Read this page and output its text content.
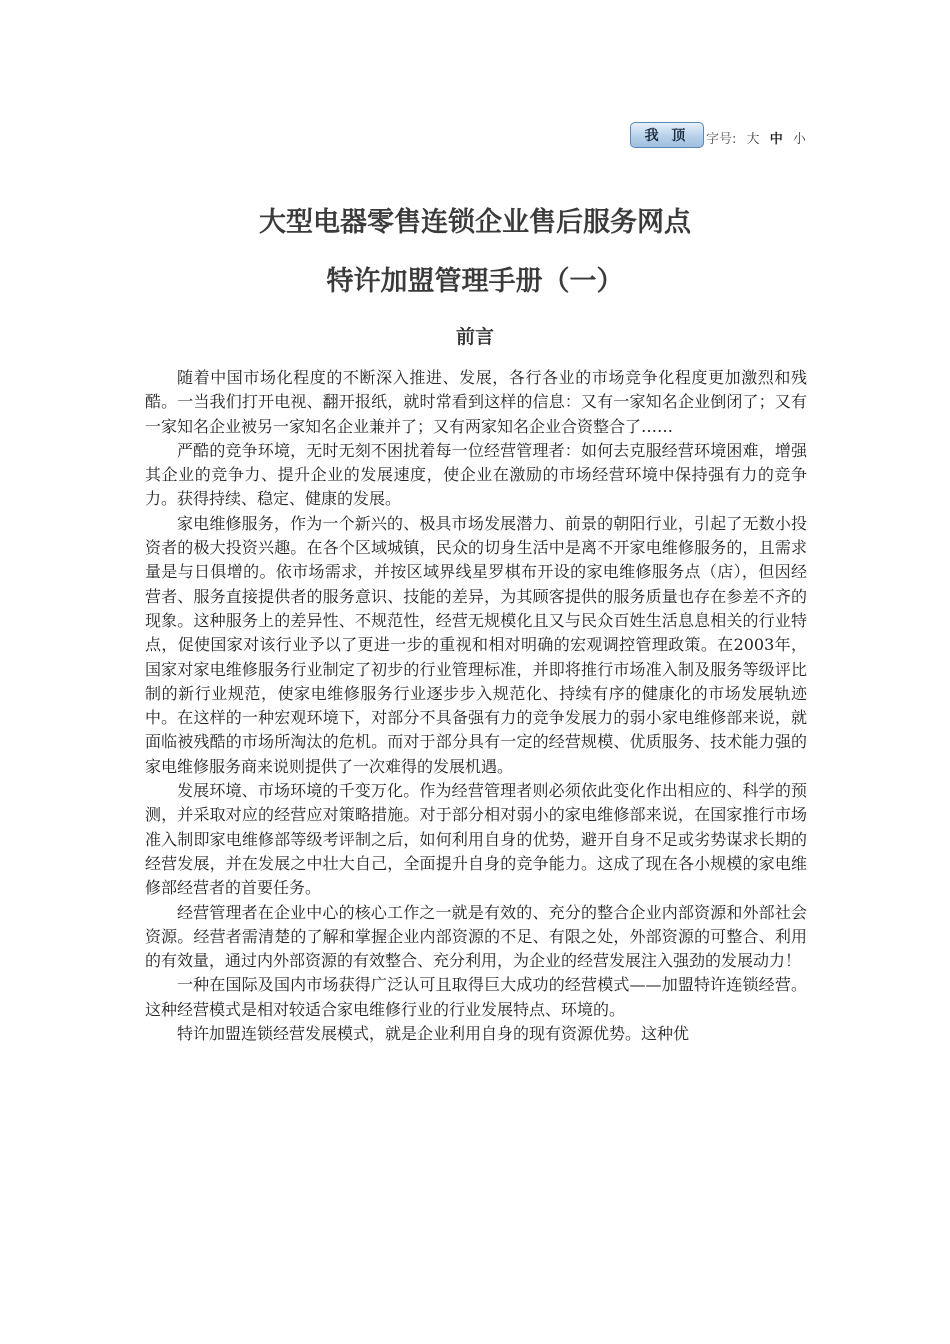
我 顶	字号: 大 中 小
大型电器零售连锁企业售后服务网点
特许加盟管理手册（一）
前言

随着中国市场化程度的不断深入推进、发展，各行各业的市场竞争化程度更加激烈和残酷。一当我们打开电视、翻开报纸，就时常看到这样的信息：又有一家知名企业倒闭了；又有一家知名企业被另一家知名企业兼并了；又有两家知名企业合资整合了……

严酷的竞争环境，无时无刻不困扰着每一位经营管理者：如何去克服经营环境困难，增强其企业的竞争力、提升企业的发展速度，使企业在激励的市场经营环境中保持强有力的竞争力。获得持续、稳定、健康的发展。

家电维修服务，作为一个新兴的、极具市场发展潜力、前景的朝阳行业，引起了无数小投资者的极大投资兴趣。在各个区域城镇，民众的切身生活中是离不开家电维修服务的，且需求量是与日俱增的。依市场需求，并按区域界线星罗棋布开设的家电维修服务点（店），但因经营者、服务直接提供者的服务意识、技能的差异，为其顾客提供的服务质量也存在参差不齐的现象。这种服务上的差异性、不规范性，经营无规模化且又与民众百姓生活息息相关的行业特点，促使国家对该行业予以了更进一步的重视和相对明确的宏观调控管理政策。在2003年，国家对家电维修服务行业制定了初步的行业管理标准，并即将推行市场准入制及服务等级评比制的新行业规范，使家电维修服务行业逐步步入规范化、持续有序的健康化的市场发展轨迹中。在这样的一种宏观环境下，对部分不具备强有力的竞争发展力的弱小家电维修部来说，就面临被残酷的市场所淘汰的危机。而对于部分具有一定的经营规模、优质服务、技术能力强的家电维修服务商来说则提供了一次难得的发展机遇。

发展环境、市场环境的千变万化。作为经营管理者则必须依此变化作出相应的、科学的预测，并采取对应的经营应对策略措施。对于部分相对弱小的家电维修部来说，在国家推行市场准入制即家电维修部等级考评制之后，如何利用自身的优势，避开自身不足或劣势谋求长期的经营发展，并在发展之中壮大自己，全面提升自身的竞争能力。这成了现在各小规模的家电维修部经营者的首要任务。

经营管理者在企业中心的核心工作之一就是有效的、充分的整合企业内部资源和外部社会资源。经营者需清楚的了解和掌握企业内部资源的不足、有限之处，外部资源的可整合、利用的有效量，通过内外部资源的有效整合、充分利用，为企业的经营发展注入强劲的发展动力！

一种在国际及国内市场获得广泛认可且取得巨大成功的经营模式——加盟特许连锁经营。这种经营模式是相对较适合家电维修行业的行业发展特点、环境的。

特许加盟连锁经营发展模式，就是企业利用自身的现有资源优势。这种优
